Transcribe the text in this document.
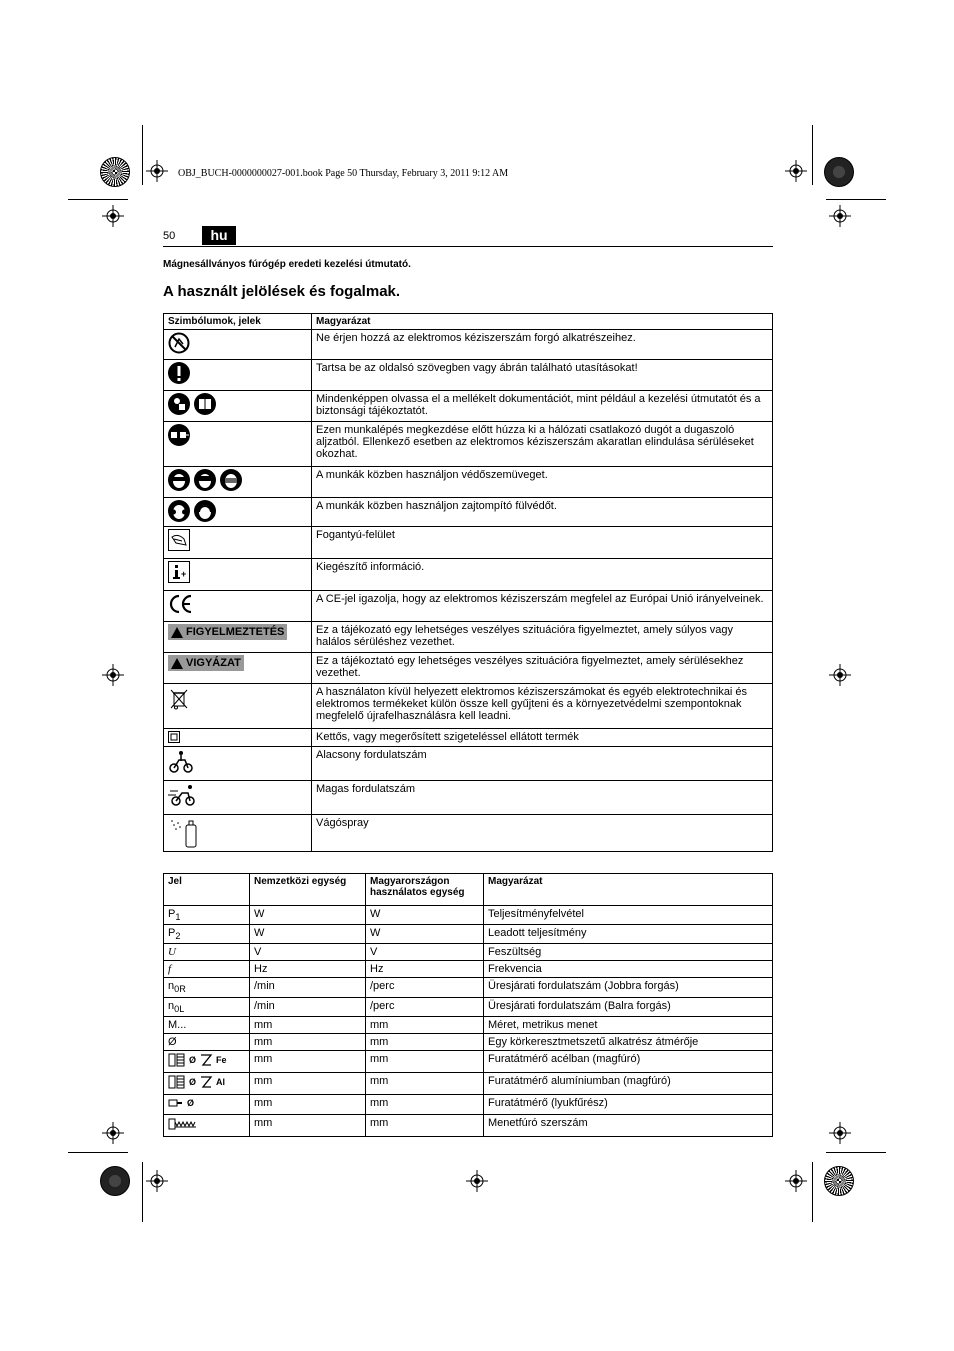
OBJ_BUCH-0000000027-001.book Page 50 Thursday, February 3, 2011 9:12 AM
50	hu
Mágnesállványos fúrógép eredeti kezelési útmutató.
A használt jelölések és fogalmak.
Szimbólumok, jelek	Magyarázat

	Ne érjen hozzá az elektromos kéziszerszám forgó alkatrészeihez.

	Tartsa be az oldalsó szövegben vagy ábrán található utasításokat!

	Mindenképpen olvassa el a mellékelt dokumentációt, mint például a kezelési útmutatót és a biztonsági tájékoztatót.

	Ezen munkalépés megkezdése előtt húzza ki a hálózati csatlakozó dugót a dugaszoló aljzatból. Ellenkező esetben az elektromos kéziszerszám akaratlan elindulása sérüléseket okozhat.

	A munkák közben használjon védőszemüveget.

	A munkák közben használjon zajtompító fülvédőt.

	Fogantyú-felület

+	Kiegészítő információ.

	A CE-jel igazolja, hogy az elektromos kéziszerszám megfelel az Európai Unió irányelveinek.

FIGYELMEZTETÉS	Ez a tájékozató egy lehetséges veszélyes szituációra figyelmeztet, amely súlyos vagy halálos sérüléshez vezethet.

VIGYÁZAT	Ez a tájékoztató egy lehetséges veszélyes szituációra figyelmeztet, amely sérülésekhez vezethet.

	A használaton kívül helyezett elektromos kéziszerszámokat és egyéb elektrotechnikai és elektromos termékeket külön össze kell gyűjteni és a környezetvédelmi szempontoknak megfelelő újrafelhasználásra kell leadni.

	Kettős, vagy megerősített szigeteléssel ellátott termék

	Alacsony fordulatszám

	Magas fordulatszám

	Vágóspray
Jel	Nemzetközi egység	Magyarországon használatos egység	Magyarázat
$P_1$	W	W	Teljesítményfelvétel
$P_2$	W	W	Leadott teljesítmény
U	V	V	Feszültség
f	Hz	Hz	Frekvencia
$n_{0R}$	/min	/perc	Üresjárati fordulatszám (Jobbra forgás)
$n_{0L}$	/min	/perc	Üresjárati fordulatszám (Balra forgás)
M...	mm	mm	Méret, metrikus menet
Ø	mm	mm	Egy körkeresztmetszetű alkatrész átmérője

Ø Fe	mm	mm	Furatátmérő acélban (magfúró)

Ø Al	mm	mm	Furatátmérő alumíniumban (magfúró)

Ø	mm	mm	Furatátmérő (lyukfűrész)
	mm	mm	Menetfúró szerszám
